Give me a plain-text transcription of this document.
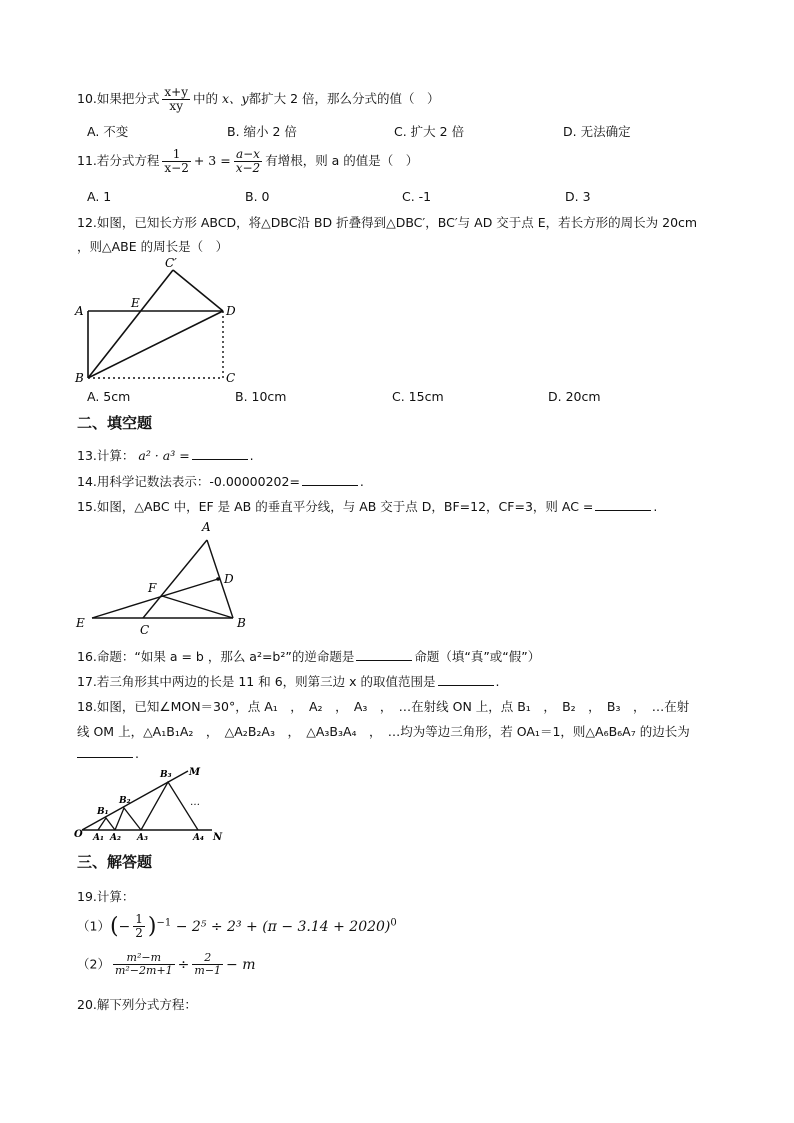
10.如果把分式 $\frac{x+y}{xy}$ 中的 x、y都扩大 2 倍，那么分式的值（　）
A. 不变	B. 缩小 2 倍	C. 扩大 2 倍	D. 无法确定
11.若分式方程 $\frac{1}{x-2} + 3 = \frac{a-x}{x-2}$ 有增根，则 a 的值是（　）
A. 1	B. 0	C. -1	D. 3
12.如图，已知长方形 ABCD，将△DBC沿 BD 折叠得到△DBC′，BC′与 AD 交于点 E，若长方形的周长为 20cm
，则△ABE 的周长是（　）
A
B	C
D
E
C′
A. 5cm	B. 10cm	C. 15cm	D. 20cm
二、填空题
13.计算： a² · a³ =	.
14.用科学记数法表示：-0.00000202=	.
15.如图，△ABC 中，EF 是 AB 的垂直平分线，与 AB 交于点 D，BF=12，CF=3，则 AC =	.
A
B
C
D
E
F
16.命题：“如果 a = b ，那么 a²=b²”的逆命题是	命题（填“真”或“假”）
17.若三角形其中两边的长是 11 和 6，则第三边 x 的取值范围是	.
18.如图，已知∠MON＝30°，点 A₁　，　A₂　，　A₃　，　…在射线 ON 上，点 B₁　，　B₂　，　B₃　，　…在射
线 OM 上，△A₁B₁A₂　，　△A₂B₂A₃　，　△A₃B₃A₄　，　…均为等边三角形，若 OA₁＝1，则△A₆B₆A₇ 的边长为
.
O	N
M
A₁ A₂ A₃	A₄
B₁
B₂
B₃
…
三、解答题
19.计算：
$(1)(- \frac{1}{2} )^{-1} - 2^5 \div 2^3 + (\pi - 3.14 + 2020)^0$
$(2) \frac{\text{m²−m}}{\text{m²−2m+1}} \div \frac{2}{m-1} - m$
20.解下列分式方程：
